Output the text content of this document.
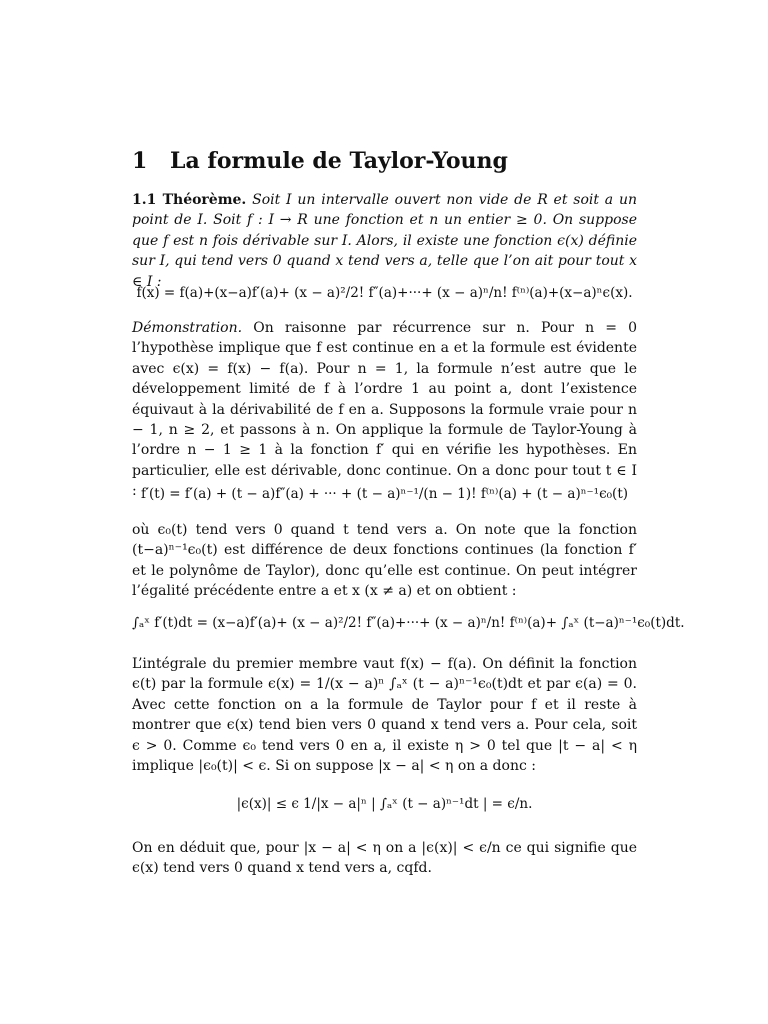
1 La formule de Taylor-Young
1.1 Théorème. Soit I un intervalle ouvert non vide de R et soit a un point de I. Soit f : I → R une fonction et n un entier ≥ 0. On suppose que f est n fois dérivable sur I. Alors, il existe une fonction ϵ(x) définie sur I, qui tend vers 0 quand x tend vers a, telle que l’on ait pour tout x ∈ I :
f(x) = f(a)+(x−a)f′(a)+ (x − a)²/2! f″(a)+···+ (x − a)ⁿ/n! f⁽ⁿ⁾(a)+(x−a)ⁿϵ(x).
Démonstration. On raisonne par récurrence sur n. Pour n = 0 l’hypothèse implique que f est continue en a et la formule est évidente avec ϵ(x) = f(x) − f(a). Pour n = 1, la formule n’est autre que le développement limité de f à l’ordre 1 au point a, dont l’existence équivaut à la dérivabilité de f en a. Supposons la formule vraie pour n − 1, n ≥ 2, et passons à n. On applique la formule de Taylor-Young à l’ordre n − 1 ≥ 1 à la fonction f′ qui en vérifie les hypothèses. En particulier, elle est dérivable, donc continue. On a donc pour tout t ∈ I : f′(t) = f′(a) + (t − a)f″(a) + ··· + (t − a)ⁿ⁻¹/(n − 1)! f⁽ⁿ⁾(a) + (t − a)ⁿ⁻¹ϵ₀(t)
où ϵ₀(t) tend vers 0 quand t tend vers a. On note que la fonction (t−a)ⁿ⁻¹ϵ₀(t) est différence de deux fonctions continues (la fonction f′ et le polynôme de Taylor), donc qu’elle est continue. On peut intégrer l’égalité précédente entre a et x (x ≠ a) et on obtient :
∫ₐˣ f′(t)dt = (x−a)f′(a)+ (x − a)²/2! f″(a)+···+ (x − a)ⁿ/n! f⁽ⁿ⁾(a)+ ∫ₐˣ (t−a)ⁿ⁻¹ϵ₀(t)dt.
L’intégrale du premier membre vaut f(x) − f(a). On définit la fonction ϵ(t) par la formule ϵ(x) = 1/(x − a)ⁿ ∫ₐˣ (t − a)ⁿ⁻¹ϵ₀(t)dt et par ϵ(a) = 0. Avec cette fonction on a la formule de Taylor pour f et il reste à montrer que ϵ(x) tend bien vers 0 quand x tend vers a. Pour cela, soit ϵ > 0. Comme ϵ₀ tend vers 0 en a, il existe η > 0 tel que |t − a| < η implique |ϵ₀(t)| < ϵ. Si on suppose |x − a| < η on a donc :
|ϵ(x)| ≤ ϵ 1/|x − a|ⁿ | ∫ₐˣ (t − a)ⁿ⁻¹dt | = ϵ/n.
On en déduit que, pour |x − a| < η on a |ϵ(x)| < ϵ/n ce qui signifie que ϵ(x) tend vers 0 quand x tend vers a, cqfd.
